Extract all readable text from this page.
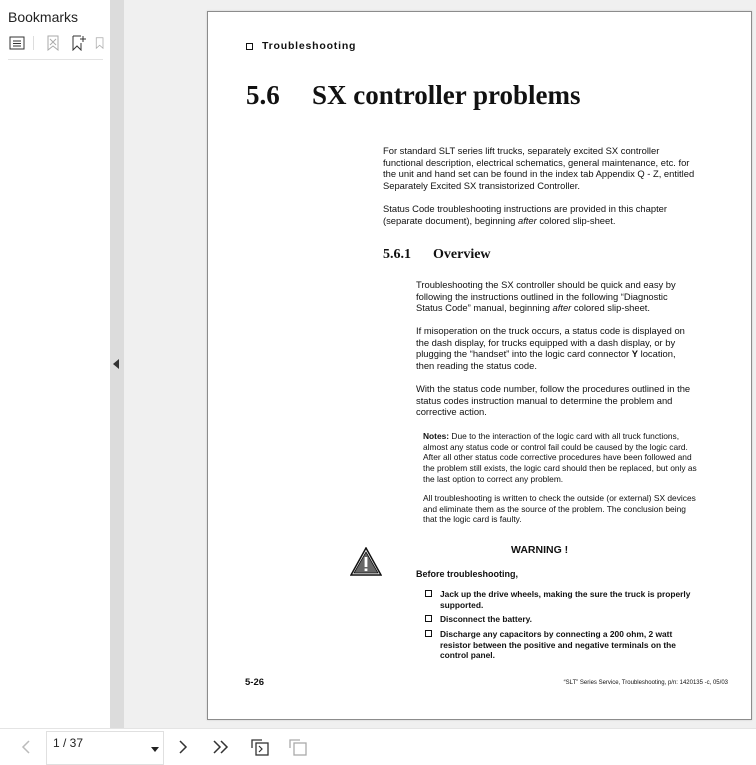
Bookmarks
Troubleshooting
5.6 SX controller problems
For standard SLT series lift trucks, separately excited SX controller functional description, electrical schematics, general maintenance, etc. for the unit and hand set can be found in the index tab Appendix Q - Z, entitled Separately Excited SX transistorized Controller.
Status Code troubleshooting instructions are provided in this chapter (separate document), beginning after colored slip-sheet.
5.6.1 Overview
Troubleshooting the SX controller should be quick and easy by following the instructions outlined in the following “Diagnostic Status Code” manual, beginning after colored slip-sheet.
If misoperation on the truck occurs, a status code is displayed on the dash display, for trucks equipped with a dash display, or by plugging the “handset” into the logic card connector Y location, then reading the status code.
With the status code number, follow the procedures outlined in the status codes instruction manual to determine the problem and corrective action.
Notes: Due to the interaction of the logic card with all truck functions, almost any status code or control fail could be caused by the logic card. After all other status code corrective procedures have been followed and the problem still exists, the logic card should then be replaced, but only as the last option to correct any problem.
All troubleshooting is written to check the outside (or external) SX devices and eliminate them as the source of the problem. The conclusion being that the logic card is faulty.
WARNING !
Before troubleshooting,
Jack up the drive wheels, making the sure the truck is properly supported.
Disconnect the battery.
Discharge any capacitors by connecting a 200 ohm, 2 watt resistor between the positive and negative terminals on the control panel.
5-26	“SLT” Series Service, Troubleshooting, p/n: 1420135 -c, 05/03
1 / 37
